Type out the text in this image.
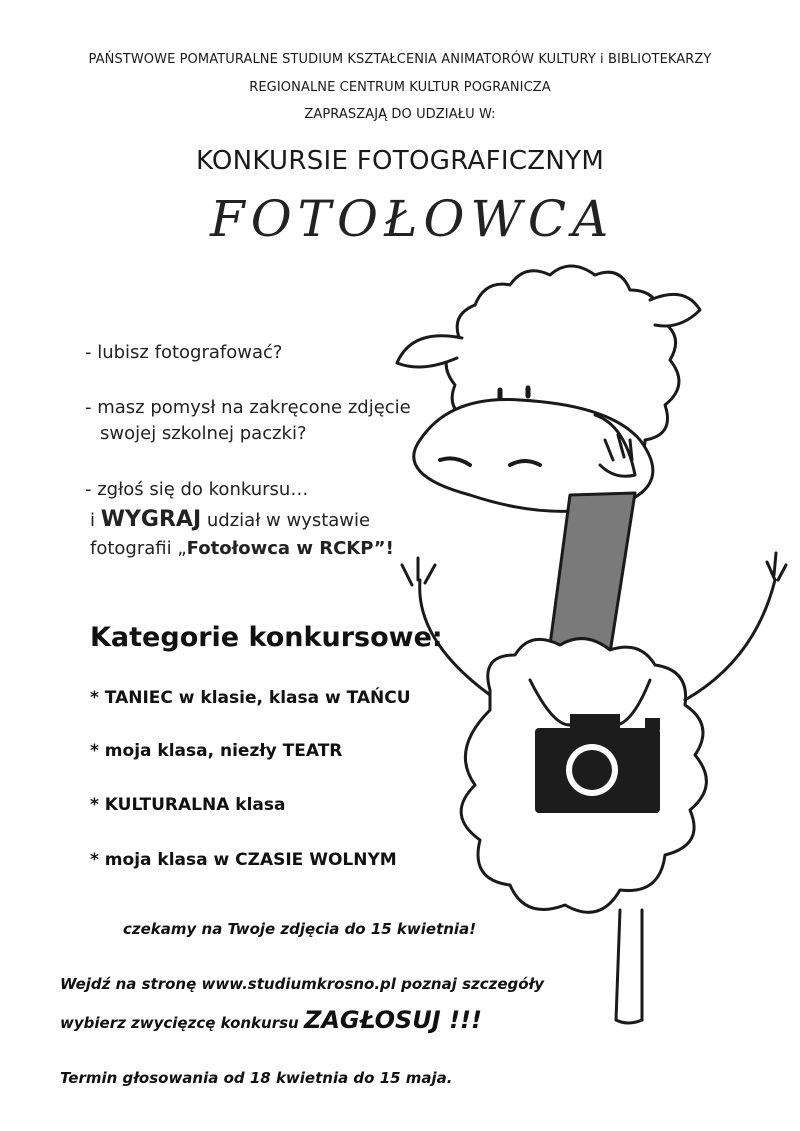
PAŃSTWOWE POMATURALNE STUDIUM KSZTAŁCENIA ANIMATORÓW KULTURY i BIBLIOTEKARZY
REGIONALNE CENTRUM KULTUR POGRANICZA
ZAPRASZAJĄ DO UDZIAŁU W:
KONKURSIE FOTOGRAFICZNYM
FOTOŁOWCA
- lubisz fotografować?
- masz pomysł na zakręcone zdjęcie
swojej szkolnej paczki?
- zgłoś się do konkursu…
i WYGRAJ udział w wystawie
fotografii „Fotołowca w RCKP”!
Kategorie konkursowe:
* TANIEC w klasie, klasa w TAŃCU
* moja klasa, niezły TEATR
* KULTURALNA klasa
* moja klasa w CZASIE WOLNYM
czekamy na Twoje zdjęcia do 15 kwietnia!
Wejdź na stronę www.studiumkrosno.pl poznaj szczegóły
wybierz zwycięzcę konkursu ZAGŁOSUJ !!!
Termin głosowania od 18 kwietnia do 15 maja.
